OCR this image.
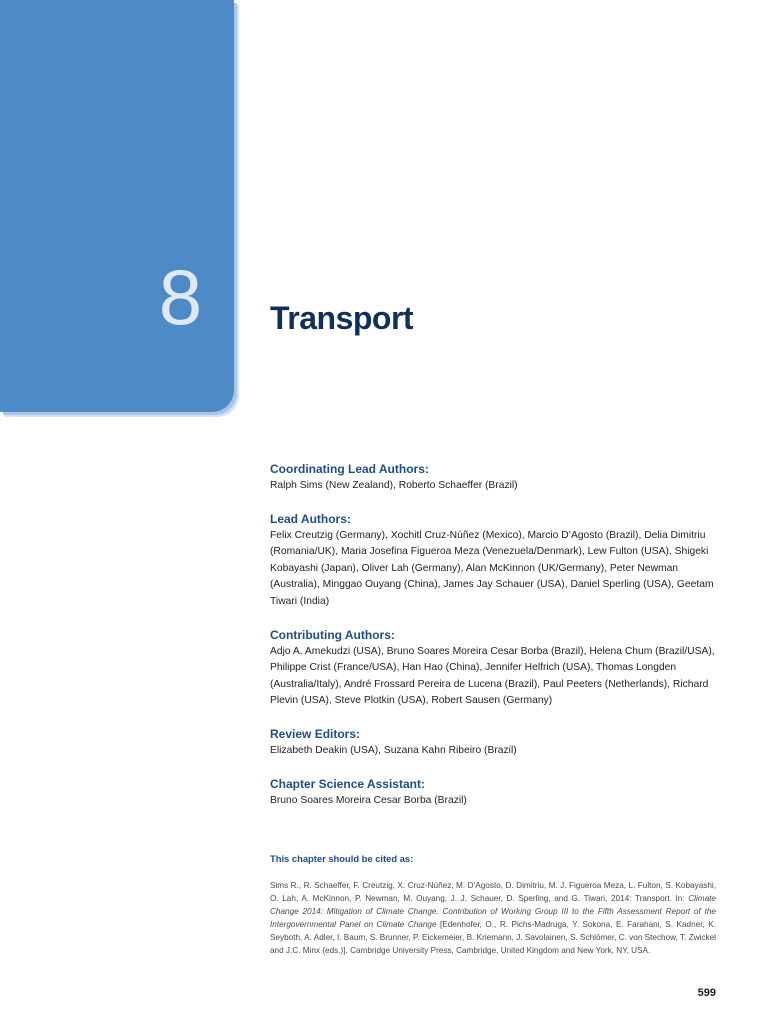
8 Transport

Coordinating Lead Authors:

Ralph Sims (New Zealand), Roberto Schaeffer (Brazil)

Lead Authors:

Felix Creutzig (Germany), Xochitl Cruz-Núñez (Mexico), Marcio D’Agosto (Brazil), Delia Dimitriu (Romania/UK), Maria Josefina Figueroa Meza (Venezuela/Denmark), Lew Fulton (USA), Shigeki Kobayashi (Japan), Oliver Lah (Germany), Alan McKinnon (UK/Germany), Peter Newman (Australia), Minggao Ouyang (China), James Jay Schauer (USA), Daniel Sperling (USA), Geetam Tiwari (India)

Contributing Authors:

Adjo A. Amekudzi (USA), Bruno Soares Moreira Cesar Borba (Brazil), Helena Chum (Brazil/USA), Philippe Crist (France/USA), Han Hao (China), Jennifer Helfrich (USA), Thomas Longden (Australia/Italy), André Frossard Pereira de Lucena (Brazil), Paul Peeters (Netherlands), Richard Plevin (USA), Steve Plotkin (USA), Robert Sausen (Germany)

Review Editors:

Elizabeth Deakin (USA), Suzana Kahn Ribeiro (Brazil)

Chapter Science Assistant:

Bruno Soares Moreira Cesar Borba (Brazil)

This chapter should be cited as:

Sims R., R. Schaeffer, F. Creutzig, X. Cruz-Núñez, M. D’Agosto, D. Dimitriu, M. J. Figueroa Meza, L. Fulton, S. Kobayashi, O. Lah, A. McKinnon, P. Newman, M. Ouyang, J. J. Schauer, D. Sperling, and G. Tiwari, 2014: Transport. In: Climate Change 2014: Mitigation of Climate Change. Contribution of Working Group III to the Fifth Assessment Report of the Intergovernmental Panel on Climate Change [Edenhofer, O., R. Pichs-Madruga, Y. Sokona, E. Farahani, S. Kadner, K. Seyboth, A. Adler, I. Baum, S. Brunner, P. Eickemeier, B. Kriemann, J. Savolainen, S. Schlömer, C. von Stechow, T. Zwickel and J.C. Minx (eds.)]. Cambridge University Press, Cambridge, United Kingdom and New York, NY, USA.

599
